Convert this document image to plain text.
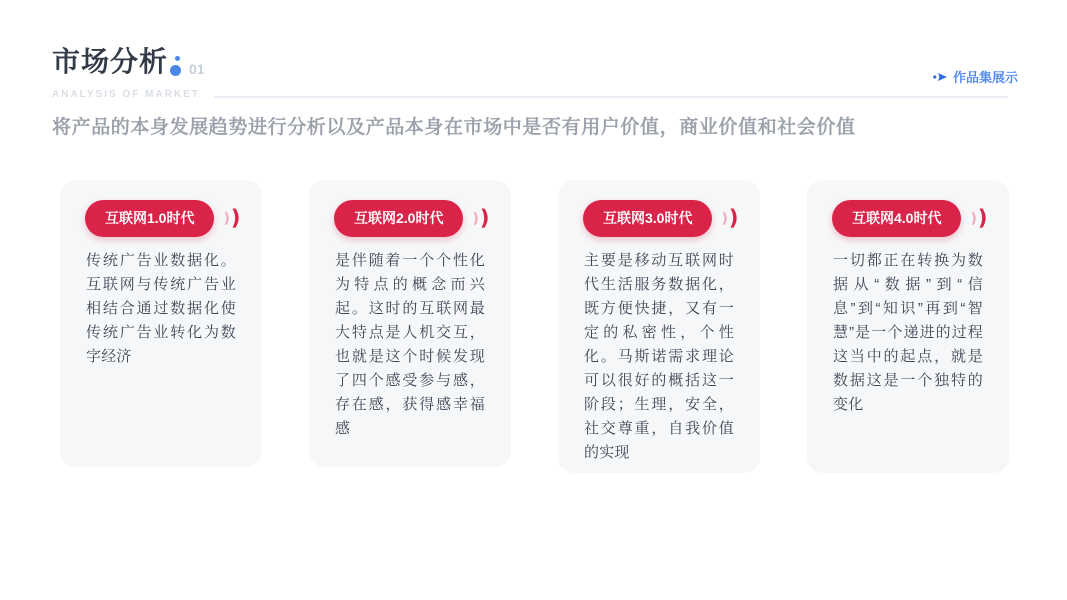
市场分析 01
ANALYSIS OF MARKET
作品集展示
将产品的本身发展趋势进行分析以及产品本身在市场中是否有用户价值，商业价值和社会价值
互联网1.0时代	) )

传统广告业数据化。互联网与传统广告业相结合通过数据化使传统广告业转化为数字经济

互联网2.0时代	) )

是伴随着一个个性化为特点的概念而兴起。这时的互联网最大特点是人机交互，也就是这个时候发现了四个感受参与感，存在感，获得感幸福感

互联网3.0时代	) )

主要是移动互联网时代生活服务数据化，既方便快捷，又有一定的私密性，个性化。马斯诺需求理论可以很好的概括这一阶段；生理，安全，社交尊重，自我价值的实现

互联网4.0时代	) )

一切都正在转换为数据从“数据”到“信息”到“知识”再到“智慧”是一个递进的过程这当中的起点，就是数据这是一个独特的变化
